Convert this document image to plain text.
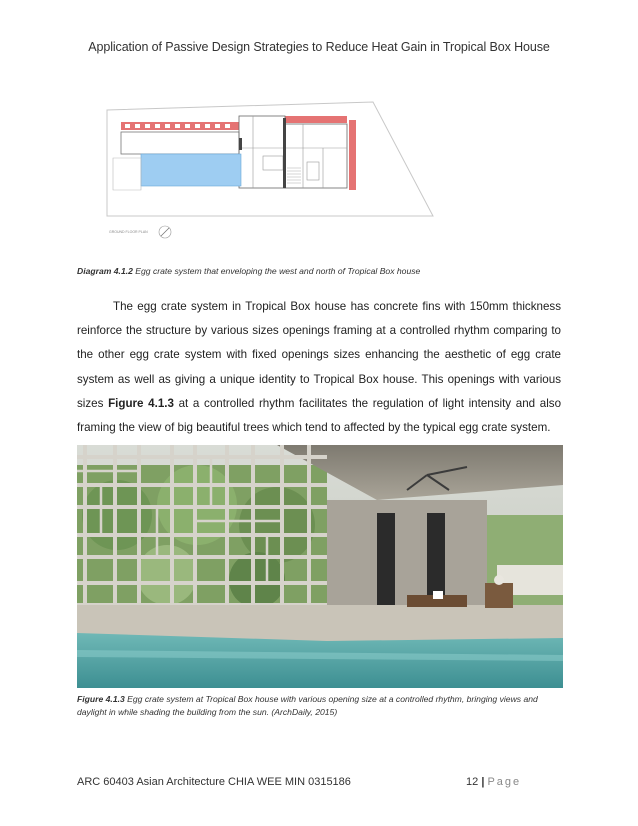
Application of Passive Design Strategies to Reduce Heat Gain in Tropical Box House
GROUND FLOOR PLAN
Diagram 4.1.2 Egg crate system that enveloping the west and north of Tropical Box house
The egg crate system in Tropical Box house has concrete fins with 150mm thickness reinforce the structure by various sizes openings framing at a controlled rhythm comparing to the other egg crate system with fixed openings sizes enhancing the aesthetic of egg crate system as well as giving a unique identity to Tropical Box house. This openings with various sizes Figure 4.1.3 at a controlled rhythm facilitates the regulation of light intensity and also framing the view of big beautiful trees which tend to affected by the typical egg crate system.
Figure 4.1.3 Egg crate system at Tropical Box house with various opening size at a controlled rhythm, bringing views and daylight in while shading the building from the sun. (ArchDaily, 2015)
ARC 60403 Asian Architecture CHIA WEE MIN 0315186	12 | Page
